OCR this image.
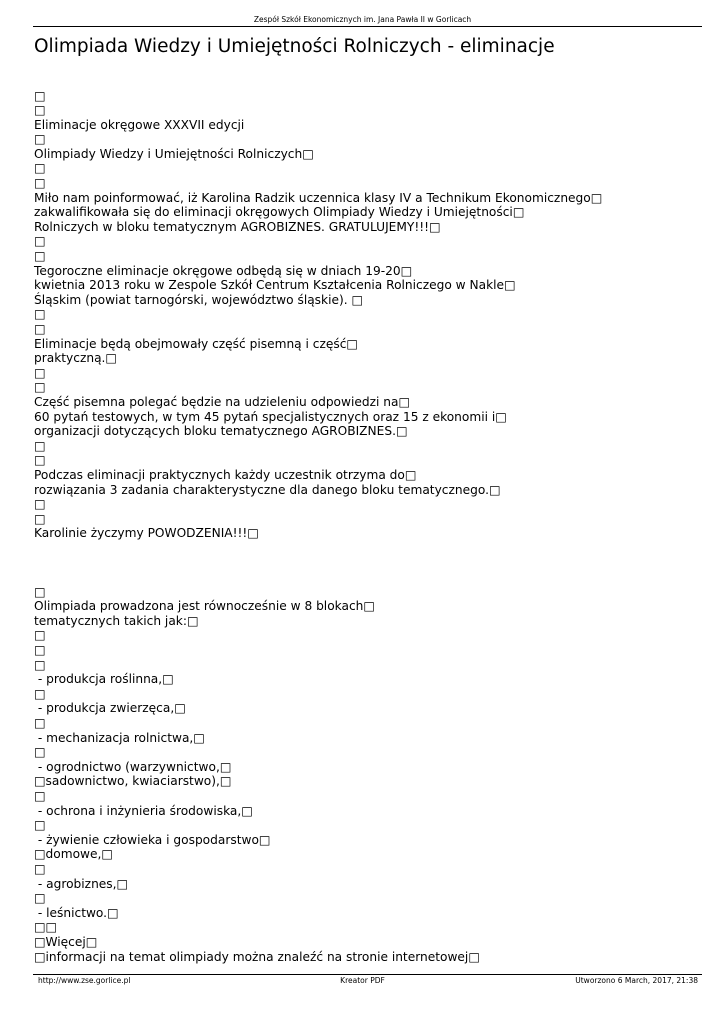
Zespół Szkół Ekonomicznych im. Jana Pawła II w Gorlicach
Olimpiada Wiedzy i Umiejętności Rolniczych - eliminacje
□
□
Eliminacje okręgowe XXXVII edycji
□
Olimpiady Wiedzy i Umiejętności Rolniczych□
□
□
Miło nam poinformować, iż Karolina Radzik uczennica klasy IV a Technikum Ekonomicznego□
zakwalifikowała się do eliminacji okręgowych Olimpiady Wiedzy i Umiejętności□
Rolniczych w bloku tematycznym AGROBIZNES. GRATULUJEMY!!!□
□
□
Tegoroczne eliminacje okręgowe odbędą się w dniach 19-20□
kwietnia 2013 roku w Zespole Szkół Centrum Kształcenia Rolniczego w Nakle□
Śląskim (powiat tarnogórski, województwo śląskie). □
□
□
Eliminacje będą obejmowały część pisemną i część□
praktyczną.□
□
□
Część pisemna polegać będzie na udzieleniu odpowiedzi na□
60 pytań testowych, w tym 45 pytań specjalistycznych oraz 15 z ekonomii i□
organizacji dotyczących bloku tematycznego AGROBIZNES.□
□
□
Podczas eliminacji praktycznych każdy uczestnik otrzyma do□
rozwiązania 3 zadania charakterystyczne dla danego bloku tematycznego.□
□
□
Karolinie życzymy POWODZENIA!!!□
□
Olimpiada prowadzona jest równocześnie w 8 blokach□
tematycznych takich jak:□
□
□
□
- produkcja roślinna,□
□
- produkcja zwierzęca,□
□
- mechanizacja rolnictwa,□
□
- ogrodnictwo (warzywnictwo,□
□sadownictwo, kwiaciarstwo),□
□
- ochrona i inżynieria środowiska,□
□
- żywienie człowieka i gospodarstwo□
□domowe,□
□
- agrobiznes,□
□
- leśnictwo.□
□□
□Więcej□
□informacji na temat olimpiady można znaleźć na stronie internetowej□
http://www.zse.gorlice.pl	Kreator PDF	Utworzono 6 March, 2017, 21:38
